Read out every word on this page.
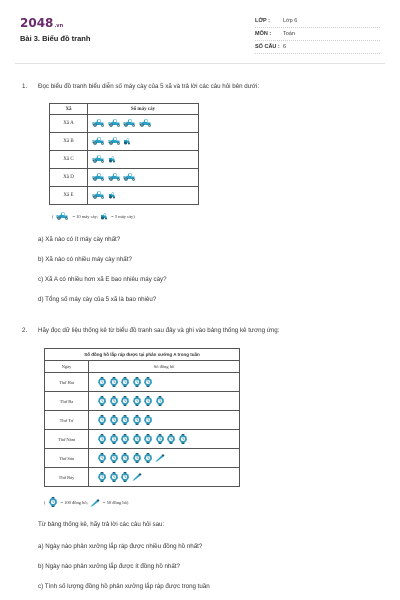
2048.vn
Bài 3. Biểu đồ tranh
LỚP :	Lớp 6
MÔN :	Toán
SỐ CÂU : 6
1. Đọc biểu đồ tranh biểu diễn số máy cày của 5 xã và trả lời các câu hỏi bên dưới:
Xã	Số máy cày
Xã A	
Xã B	
Xã C	
Xã D	
Xã E	
(	= 10 máy cày;	= 5 máy cày)
a) Xã nào có ít máy cày nhất?
b) Xã nào có nhiều máy cày nhất?
c) Xã A có nhiều hơn xã E bao nhiêu máy cày?
d) Tổng số máy cày của 5 xã là bao nhiêu?
2. Hãy đọc dữ liệu thống kê từ biểu đồ tranh sau đây và ghi vào bảng thống kê tương ứng:
Số đồng hồ lắp ráp được tại phân xưởng A trong tuần	
Ngày	Số đồng hồ
Thứ Hai	
Thứ Ba	
Thứ Tư	
Thứ Năm	
Thứ Sáu	
Thứ Bảy	
(	= 100 đồng hồ;	= 50 đồng hồ)
Từ bảng thống kê, hãy trả lời các câu hỏi sau:
a) Ngày nào phân xưởng lắp ráp được nhiều đồng hồ nhất?
b) Ngày nào phân xưởng lắp được ít đồng hồ nhất?
c) Tính số lượng đồng hồ phân xưởng lắp ráp được trong tuần
